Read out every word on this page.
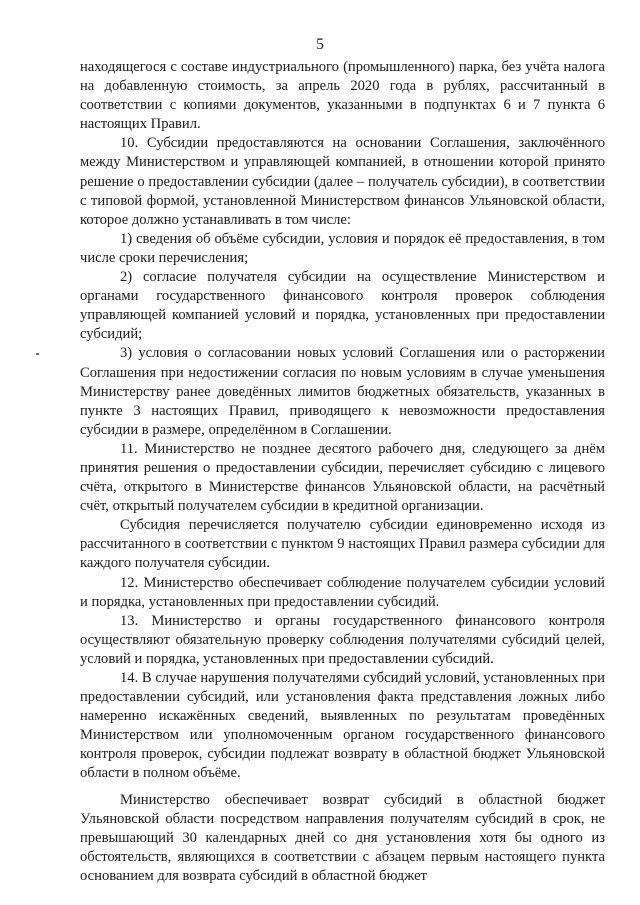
5

находящегося с составе индустриального (промышленного) парка, без учёта налога на добавленную стоимость, за апрель 2020 года в рублях, рассчитанный в соответствии с копиями документов, указанными в подпунктах 6 и 7 пункта 6 настоящих Правил.

10. Субсидии предоставляются на основании Соглашения, заключённого между Министерством и управляющей компанией, в отношении которой принято решение о предоставлении субсидии (далее – получатель субсидии), в соответствии с типовой формой, установленной Министерством финансов Ульяновской области, которое должно устанавливать в том числе:

1) сведения об объёме субсидии, условия и порядок её предоставления, в том числе сроки перечисления;

2) согласие получателя субсидии на осуществление Министерством и органами государственного финансового контроля проверок соблюдения управляющей компанией условий и порядка, установленных при предоставлении субсидий;

3) условия о согласовании новых условий Соглашения или о расторжении Соглашения при недостижении согласия по новым условиям в случае уменьшения Министерству ранее доведённых лимитов бюджетных обязательств, указанных в пункте 3 настоящих Правил, приводящего к невозможности предоставления субсидии в размере, определённом в Соглашении.

11. Министерство не позднее десятого рабочего дня, следующего за днём принятия решения о предоставлении субсидии, перечисляет субсидию с лицевого счёта, открытого в Министерстве финансов Ульяновской области, на расчётный счёт, открытый получателем субсидии в кредитной организации.

Субсидия перечисляется получателю субсидии единовременно исходя из рассчитанного в соответствии с пунктом 9 настоящих Правил размера субсидии для каждого получателя субсидии.

12. Министерство обеспечивает соблюдение получателем субсидии условий и порядка, установленных при предоставлении субсидий.

13. Министерство и органы государственного финансового контроля осуществляют обязательную проверку соблюдения получателями субсидий целей, условий и порядка, установленных при предоставлении субсидий.

14. В случае нарушения получателями субсидий условий, установленных при предоставлении субсидий, или установления факта представления ложных либо намеренно искажённых сведений, выявленных по результатам проведённых Министерством или уполномоченным органом государственного финансового контроля проверок, субсидии подлежат возврату в областной бюджет Ульяновской области в полном объёме.

Министерство обеспечивает возврат субсидий в областной бюджет Ульяновской области посредством направления получателям субсидий в срок, не превышающий 30 календарных дней со дня установления хотя бы одного из обстоятельств, являющихся в соответствии с абзацем первым настоящего пункта основанием для возврата субсидий в областной бюджет
